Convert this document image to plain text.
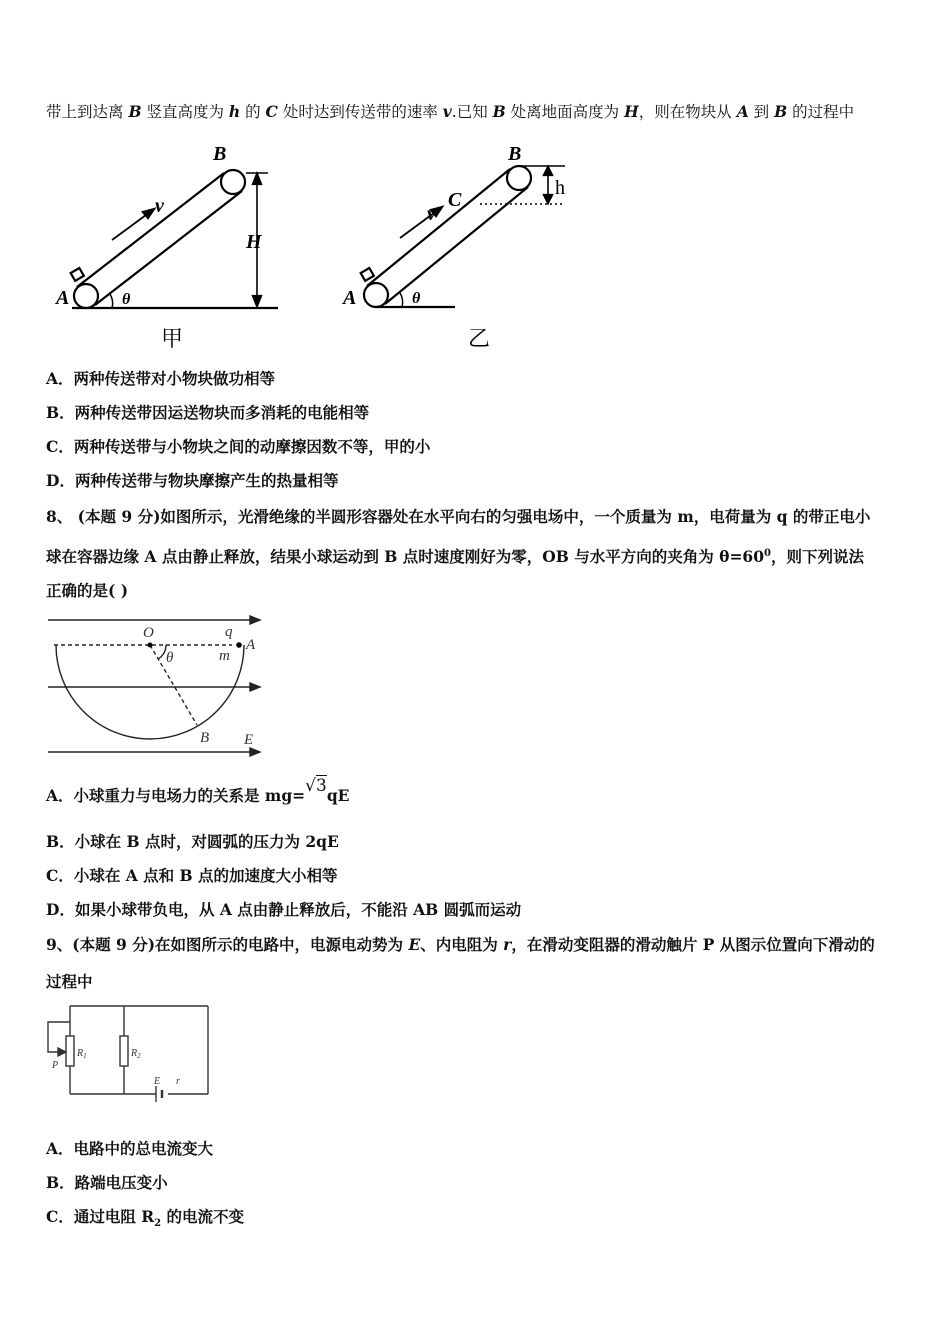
带上到达离 B 竖直高度为 h 的 C 处时达到传送带的速率 v.已知 B 处离地面高度为 H，则在物块从 A 到 B 的过程中
B
v
H
A	θ
B
C
v
h
A	θ
甲	乙
A．两种传送带对小物块做功相等
B．两种传送带因运送物块而多消耗的电能相等
C．两种传送带与小物块之间的动摩擦因数不等，甲的小
D．两种传送带与物块摩擦产生的热量相等
8、 (本题 9 分)如图所示，光滑绝缘的半圆形容器处在水平向右的匀强电场中，一个质量为 m，电荷量为 q 的带正电小
球在容器边缘 A 点由静止释放，结果小球运动到 B 点时速度刚好为零，OB 与水平方向的夹角为 $\theta=60^0$，则下列说法
正确的是( )
O	q
m
A
θ
B E
A．小球重力与电场力的关系是 mg=√3qE
B．小球在 B 点时，对圆弧的压力为 2qE
C．小球在 A 点和 B 点的加速度大小相等
D．如果小球带负电，从 A 点由静止释放后，不能沿 AB 圆弧而运动
9、(本题 9 分)在如图所示的电路中，电源电动势为 E、内电阻为 r，在滑动变阻器的滑动触片 P 从图示位置向下滑动的
过程中
P
$R_1$	$R_2$
E r
A．电路中的总电流变大
B．路端电压变小
C．通过电阻 $R_2$ 的电流不变
